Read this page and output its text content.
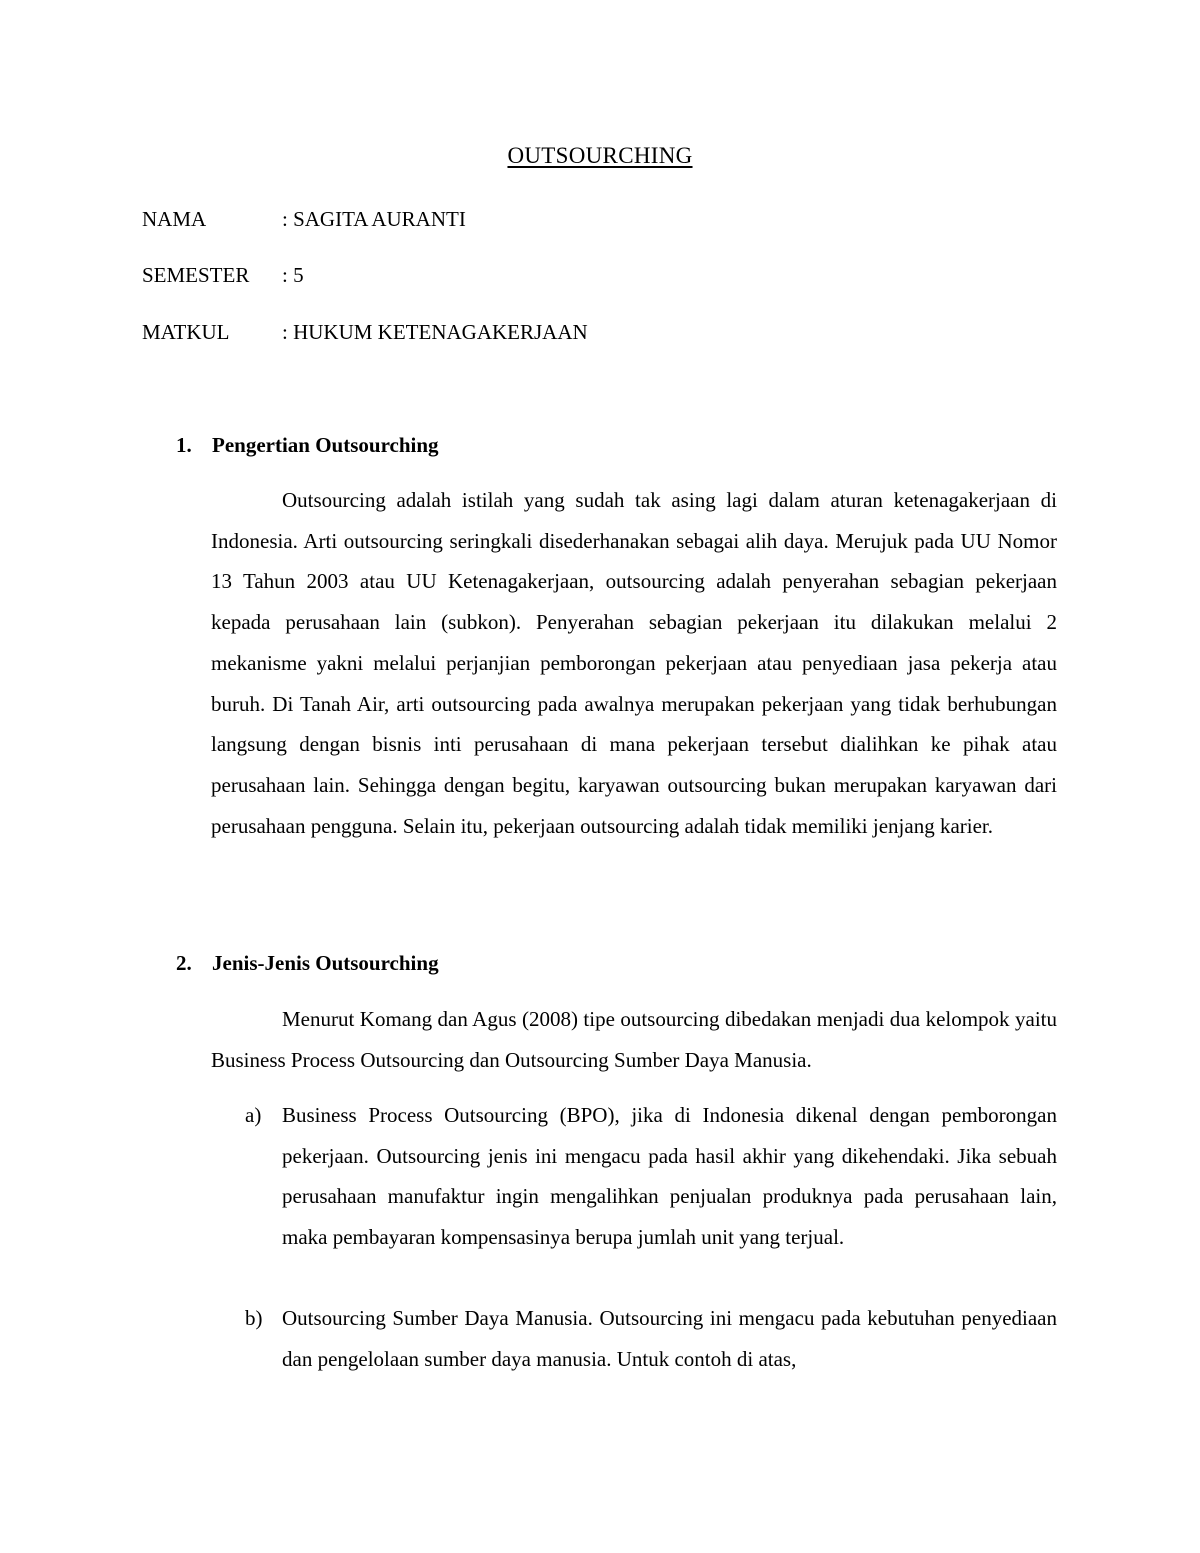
OUTSOURCHING
NAMA	: SAGITA AURANTI
SEMESTER : 5
MATKUL	: HUKUM KETENAGAKERJAAN
1. Pengertian Outsourching

Outsourcing adalah istilah yang sudah tak asing lagi dalam aturan ketenagakerjaan di Indonesia. Arti outsourcing seringkali disederhanakan sebagai alih daya. Merujuk pada UU Nomor 13 Tahun 2003 atau UU Ketenagakerjaan, outsourcing adalah penyerahan sebagian pekerjaan kepada perusahaan lain (subkon). Penyerahan sebagian pekerjaan itu dilakukan melalui 2 mekanisme yakni melalui perjanjian pemborongan pekerjaan atau penyediaan jasa pekerja atau buruh. Di Tanah Air, arti outsourcing pada awalnya merupakan pekerjaan yang tidak berhubungan langsung dengan bisnis inti perusahaan di mana pekerjaan tersebut dialihkan ke pihak atau perusahaan lain. Sehingga dengan begitu, karyawan outsourcing bukan merupakan karyawan dari perusahaan pengguna. Selain itu, pekerjaan outsourcing adalah tidak memiliki jenjang karier.

2. Jenis-Jenis Outsourching

Menurut Komang dan Agus (2008) tipe outsourcing dibedakan menjadi dua kelompok yaitu Business Process Outsourcing dan Outsourcing Sumber Daya Manusia.

a) Business Process Outsourcing (BPO), jika di Indonesia dikenal dengan pemborongan pekerjaan. Outsourcing jenis ini mengacu pada hasil akhir yang dikehendaki. Jika sebuah perusahaan manufaktur ingin mengalihkan penjualan produknya pada perusahaan lain, maka pembayaran kompensasinya berupa jumlah unit yang terjual.

b) Outsourcing Sumber Daya Manusia. Outsourcing ini mengacu pada kebutuhan penyediaan dan pengelolaan sumber daya manusia. Untuk contoh di atas,
